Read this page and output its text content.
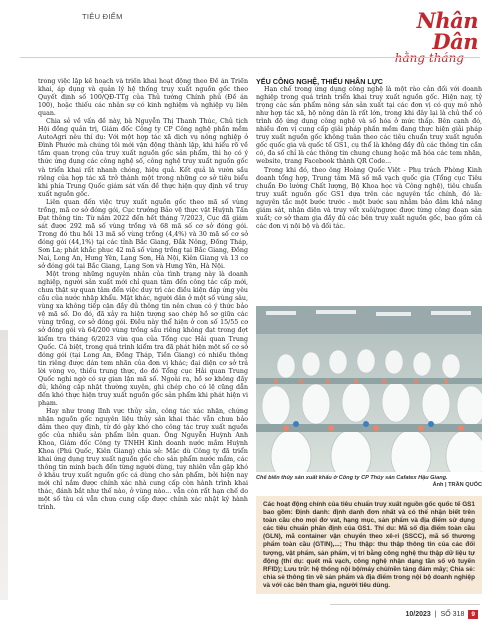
TIÊU ĐIỂM	Nhân Dân
hằng tháng

trong việc lập kế hoạch và triển khai hoạt động theo Đề án Triển khai, áp dụng và quản lý hệ thống truy xuất nguồn gốc theo Quyết định số 100/QĐ-TTg của Thủ tướng Chính phủ (Đề án 100), hoặc thiếu các nhân sự có kinh nghiệm và nghiệp vụ liên quan.

Chia sẻ về vấn đề này, bà Nguyễn Thị Thanh Thúc, Chủ tịch Hội đồng quản trị, Giám đốc Công ty CP Công nghệ phần mềm AutoAgri nêu thí dụ: Với một hợp tác xã dịch vụ nông nghiệp ở Đình Phước mà chúng tôi mới vận động thành lập, khi hiểu rõ về tầm quan trọng của truy xuất nguồn gốc sản phẩm, thì họ có ý thức ứng dụng các công nghệ số, công nghệ truy xuất nguồn gốc và triển khai rất nhanh chóng, hiệu quả. Kết quả là vườn sầu riêng của hợp tác xã trở thành một trong những cơ sở tiêu biểu khi phía Trung Quốc giám sát vấn đề thực hiện quy định về truy xuất nguồn gốc.

Liên quan đến việc truy xuất nguồn gốc theo mã số vùng trồng, mã cơ sở đóng gói, Cục trưởng Bảo vệ thực vật Huỳnh Tấn Đạt thông tin: Từ năm 2022 đến hết tháng 7/2023, Cục đã giám sát được 292 mã số vùng trồng và 68 mã số cơ sở đóng gói. Trong đó thu hồi 13 mã số vùng trồng (4,4%) và 30 mã số cơ sở đóng gói (44,1%) tại các tỉnh Bắc Giang, Đắk Nông, Đồng Tháp, Sơn La; phát khắc phục 42 mã số vùng trồng tại Bắc Giang, Đồng Nai, Long An, Hưng Yên, Lạng Sơn, Hà Nội, Kiên Giang và 13 cơ sở đóng gói tại Bắc Giang, Lạng Sơn và Hưng Yên, Hà Nội.

Một trong những nguyên nhân của tình trạng này là doanh nghiệp, người sản xuất mới chỉ quan tâm đến công tác cấp mới, chưa thật sự quan tâm đến việc duy trì các điều kiện đáp ứng yêu cầu của nước nhập khẩu. Mặt khác, người dân ở một số vùng sâu, vùng xa không tiếp cận đầy đủ thông tin nên chưa có ý thức bảo vệ mã số. Do đó, đã xảy ra hiện tượng sao chép hồ sơ giữa các vùng trồng, cơ sở đóng gói. Điều này thể hiện ở con số 15/55 cơ sở đóng gói và 64/200 vùng trồng sầu riêng không đạt trong đợt kiểm tra tháng 6/2023 vừa qua của Tổng cục Hải quan Trung Quốc. Cá biệt, trong quá trình kiểm tra đã phát hiện một số cơ sở đóng gói (tại Long An, Đồng Tháp, Tiền Giang) có nhiều thông tin riêng được dán tem nhãn của đơn vị khác; đại diện cơ sở trả lời vòng vo, thiếu trung thực, do đó Tổng cục Hải quan Trung Quốc nghi ngờ có sự gian lận mã số. Ngoài ra, hồ sơ không đầy đủ, không cập nhật thường xuyên, ghi chép cho có lệ cũng dẫn đến khó thực hiện truy xuất nguồn gốc sản phẩm khi phát hiện vi phạm.

Hay như trong lĩnh vực thủy sản, công tác xác nhận, chứng nhận nguồn gốc nguyên liệu thủy sản khai thác vẫn chưa bảo đảm theo quy định, từ đó gây khó cho công tác truy xuất nguồn gốc của nhiều sản phẩm liên quan. Ông Nguyễn Huỳnh Anh Khoa, Giám đốc Công ty TNHH Kinh doanh nước mắm Huỳnh Khoa (Phú Quốc, Kiên Giang) chia sẻ: Mặc dù Công ty đã triển khai ứng dụng truy xuất nguồn gốc cho sản phẩm nước mắm, các thông tin minh bạch đến từng người dùng, tuy nhiên vẫn gặp khó ở khâu truy xuất nguồn gốc cá dùng cho sản phẩm, bởi hiện nay mới chỉ nắm được chính xác nhà cung cấp còn hành trình khai thác, đánh bắt như thế nào, ở vùng nào... vẫn còn rất hạn chế do một số tàu cá vẫn chưa cung cấp được chính xác nhật ký hành trình.

YẾU CÔNG NGHỆ, THIẾU NHÂN LỰC

Hạn chế trong ứng dụng công nghệ là một rào cản đối với doanh nghiệp trong quá trình triển khai truy xuất nguồn gốc. Hiện nay, tỷ trọng các sản phẩm nông sản sản xuất tại các đơn vị có quy mô nhỏ như hợp tác xã, hộ nông dân là rất lớn, trong khi đây lại là chủ thể có trình độ ứng dụng công nghệ và số hóa ở mức thấp. Bên cạnh đó, nhiều đơn vị cung cấp giải pháp phần mềm đang thực hiện giải pháp truy xuất nguồn gốc không tuân theo các tiêu chuẩn truy xuất nguồn gốc quốc gia và quốc tế GS1, cụ thể là không đầy đủ các thông tin cần có, đa số chỉ là các thông tin chung chung hoặc mã hóa các tem nhãn, website, trang Facebook thành QR Code...

Trong khi đó, theo ông Hoàng Quốc Việt - Phụ trách Phòng Kinh doanh tổng hợp, Trung tâm Mã số mã vạch quốc gia (Tổng cục Tiêu chuẩn Đo lường Chất lượng, Bộ Khoa học và Công nghệ), tiêu chuẩn truy xuất nguồn gốc GS1 dựa trên các nguyên tắc chính, đó là: nguyên tắc một bước trước - một bước sau nhằm bảo đảm khả năng giám sát, nhận diện và truy vết xuôi/ngược được từng công đoạn sản xuất; cơ sở tham gia đầy đủ các bên truy xuất nguồn gốc, bao gồm cả các đơn vị nội bộ và đối tác.

Chế biến thủy sản xuất khẩu ở Công ty CP Thủy sản Cafatex Hậu Giang.
Ảnh | TRẦN QUỐC
Các hoạt động chính của tiêu chuẩn truy xuất nguồn gốc quốc tế GS1 bao gồm: Định danh: định danh đơn nhất và có thể nhận biết trên toàn cầu cho mọi đơ vat, hạng mục, sản phẩm và địa điểm sử dụng các tiêu chuẩn phân định của GS1. Thí du: Mã số địa điểm toàn cầu (GLN), mã container vận chuyển theo xê-ri (SSCC), mã số thương phẩm toàn cầu (GTIN),...; Thu thập: thu thập thông tin của các đối tượng, vật phẩm, sản phẩm, vị trí bằng công nghệ thu thập dữ liệu tự động (thí dụ: quét mã vạch, công nghệ nhận dạng tần số vô tuyến RFID); Lưu trữ: hệ thống nội bộ/máy chủ/nền tảng đám mây; Chia sẻ: chia sẻ thông tin về sản phẩm và địa điểm trong nội bộ doanh nghiệp và với các bên tham gia, người tiêu dùng.
10/2023 | SỐ 318	9
